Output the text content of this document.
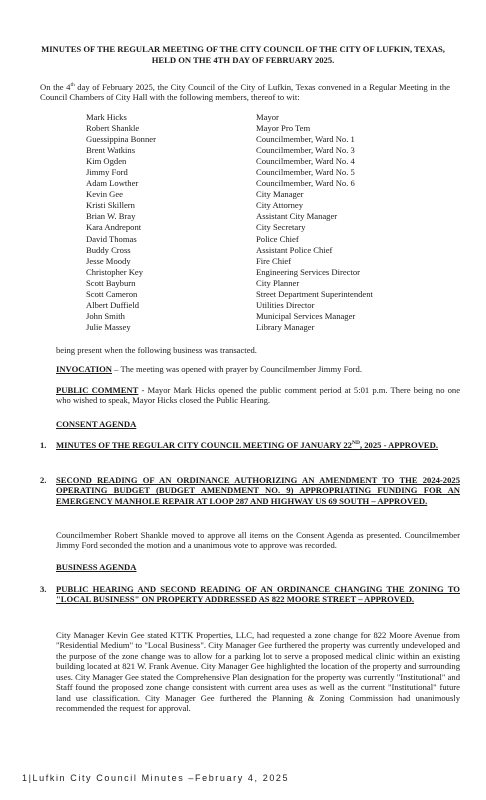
MINUTES OF THE REGULAR MEETING OF THE CITY COUNCIL OF THE CITY OF LUFKIN, TEXAS, HELD ON THE 4TH DAY OF FEBRUARY 2025.
On the 4th day of February 2025, the City Council of the City of Lufkin, Texas convened in a Regular Meeting in the Council Chambers of City Hall with the following members, thereof to wit:
Mark Hicks	Mayor
Robert Shankle	Mayor Pro Tem
Guessippina Bonner	Councilmember, Ward No. 1
Brent Watkins	Councilmember, Ward No. 3
Kim Ogden	Councilmember, Ward No. 4
Jimmy Ford	Councilmember, Ward No. 5
Adam Lowther	Councilmember, Ward No. 6
Kevin Gee	City Manager
Kristi Skillern	City Attorney
Brian W. Bray	Assistant City Manager
Kara Andrepont	City Secretary
David Thomas	Police Chief
Buddy Cross	Assistant Police Chief
Jesse Moody	Fire Chief
Christopher Key	Engineering Services Director
Scott Bayburn	City Planner
Scott Cameron	Street Department Superintendent
Albert Duffield	Utilities Director
John Smith	Municipal Services Manager
Julie Massey	Library Manager
being present when the following business was transacted.
INVOCATION – The meeting was opened with prayer by Councilmember Jimmy Ford.
PUBLIC COMMENT - Mayor Mark Hicks opened the public comment period at 5:01 p.m. There being no one who wished to speak, Mayor Hicks closed the Public Hearing.
CONSENT AGENDA
1.	MINUTES OF THE REGULAR CITY COUNCIL MEETING OF JANUARY 22ND, 2025 - APPROVED.
2.	SECOND READING OF AN ORDINANCE AUTHORIZING AN AMENDMENT TO THE 2024-2025 OPERATING BUDGET (BUDGET AMENDMENT NO. 9) APPROPRIATING FUNDING FOR AN EMERGENCY MANHOLE REPAIR AT LOOP 287 AND HIGHWAY US 69 SOUTH – APPROVED.
Councilmember Robert Shankle moved to approve all items on the Consent Agenda as presented. Councilmember Jimmy Ford seconded the motion and a unanimous vote to approve was recorded.
BUSINESS AGENDA
3.	PUBLIC HEARING AND SECOND READING OF AN ORDINANCE CHANGING THE ZONING TO "LOCAL BUSINESS" ON PROPERTY ADDRESSED AS 822 MOORE STREET – APPROVED.
City Manager Kevin Gee stated KTTK Properties, LLC, had requested a zone change for 822 Moore Avenue from "Residential Medium" to "Local Business". City Manager Gee furthered the property was currently undeveloped and the purpose of the zone change was to allow for a parking lot to serve a proposed medical clinic within an existing building located at 821 W. Frank Avenue. City Manager Gee highlighted the location of the property and surrounding uses. City Manager Gee stated the Comprehensive Plan designation for the property was currently "Institutional" and Staff found the proposed zone change consistent with current area uses as well as the current "Institutional" future land use classification. City Manager Gee furthered the Planning & Zoning Commission had unanimously recommended the request for approval.
1|Lufkin City Council Minutes –February 4, 2025
